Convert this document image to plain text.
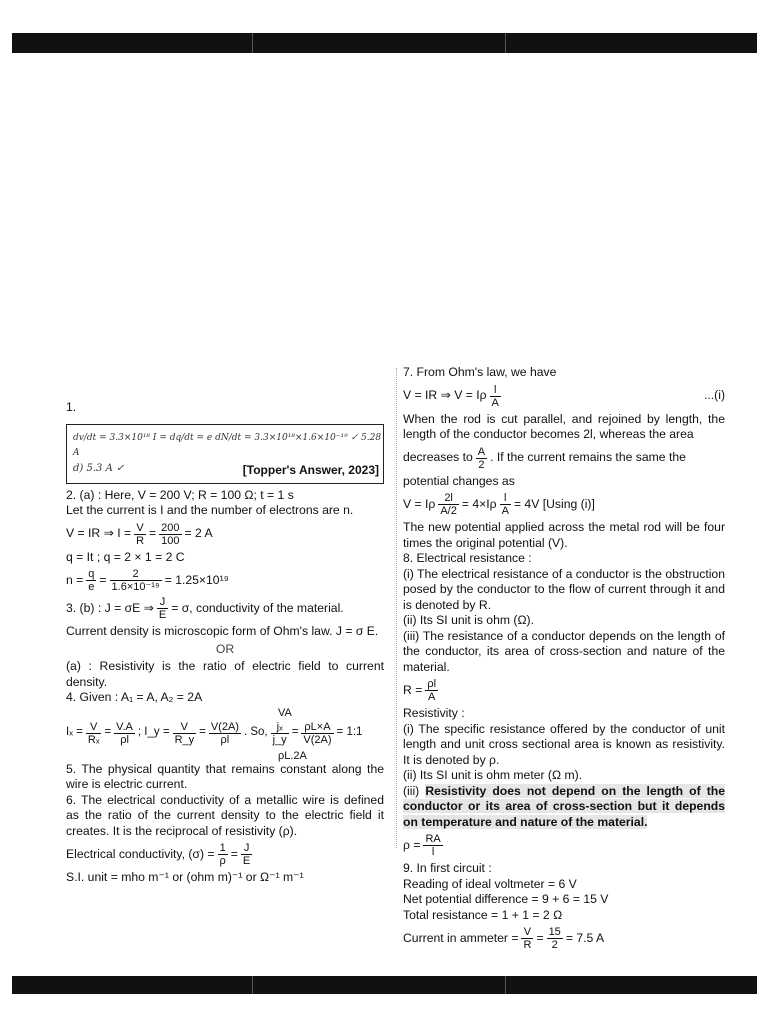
1.
dv/dt = 3.3×10¹⁸ I = dq/dt = e dN/dt = 3.3×10¹⁸×1.6×10⁻¹⁹ ✓ 5.28 A
d) 5.3 A ✓	[Topper's Answer, 2023]
2. (a) : Here, V = 200 V; R = 100 Ω; t = 1 s
Let the current is I and the number of electrons are n.
V = IR ⇒ $I = \frac{V}{R} = \frac{200}{100} = 2$ A
q = It ; q = 2 × 1 = 2 C
$n = \frac{q}{e} = \frac{2}{\text{1.6×10⁻¹⁹}} = 1.25\times 10^{19}$
3. (b) : J = σE ⇒ $\frac{J}{E} = \sigma$, conductivity of the material.
Current density is microscopic form of Ohm's law. J = σ E.
OR

(a) : Resistivity is the ratio of electric field to current density.

4. Given : A₁ = A, A₂ = 2A
VA
$I_x = \frac{V}{\text{Rₓ}} = \frac{V.A}{\rho l}$ ; I_y = $\frac{V}{R\_y} = \frac{V(2A)}{\rho l}$ . So, $\frac{\text{jₓ}}{j\_y} = \frac{\rho L\times A}{V(2A)}$ = 1:1
ρL.2A

5. The physical quantity that remains constant along the wire is electric current.

6. The electrical conductivity of a metallic wire is defined as the ratio of the current density to the electric field it creates. It is the reciprocal of resistivity (ρ).

Electrical conductivity, $(\sigma) = \frac{1}{\rho} = \frac{J}{E}$
S.I. unit = mho m⁻¹ or (ohm m)⁻¹ or Ω⁻¹ m⁻¹
7. From Ohm's law, we have
V = IR ⇒ V = Iρ $\frac{l}{A}$	...(i)

When the rod is cut parallel, and rejoined by length, the length of the conductor becomes 2l, whereas the area

decreases to $\frac{A}{2}$ . If the current remains the same the
potential changes as
V = Iρ $\frac{2l}{A/2} = 4\times I\rho \frac{l}{A} = 4V$ [Using (i)]

The new potential applied across the metal rod will be four times the original potential (V).

8. Electrical resistance :

(i) The electrical resistance of a conductor is the obstruction posed by the conductor to the flow of current through it and is denoted by R.

(ii) Its SI unit is ohm (Ω).

(iii) The resistance of a conductor depends on the length of the conductor, its area of cross-section and nature of the material.

$R = \frac{\rho l}{A}$
Resistivity :

(i) The specific resistance offered by the conductor of unit length and unit cross sectional area is known as resistivity. It is denoted by ρ.

(ii) Its SI unit is ohm meter (Ω m).

(iii) Resistivity does not depend on the length of the conductor or its area of cross-section but it depends on temperature and nature of the material.

$\rho = \frac{RA}{l}$
9. In first circuit :
Reading of ideal voltmeter = 6 V
Net potential difference = 9 + 6 = 15 V
Total resistance = 1 + 1 = 2 Ω
Current in ammeter = $\frac{V}{R} = \frac{15}{2} = 7.5$ A
